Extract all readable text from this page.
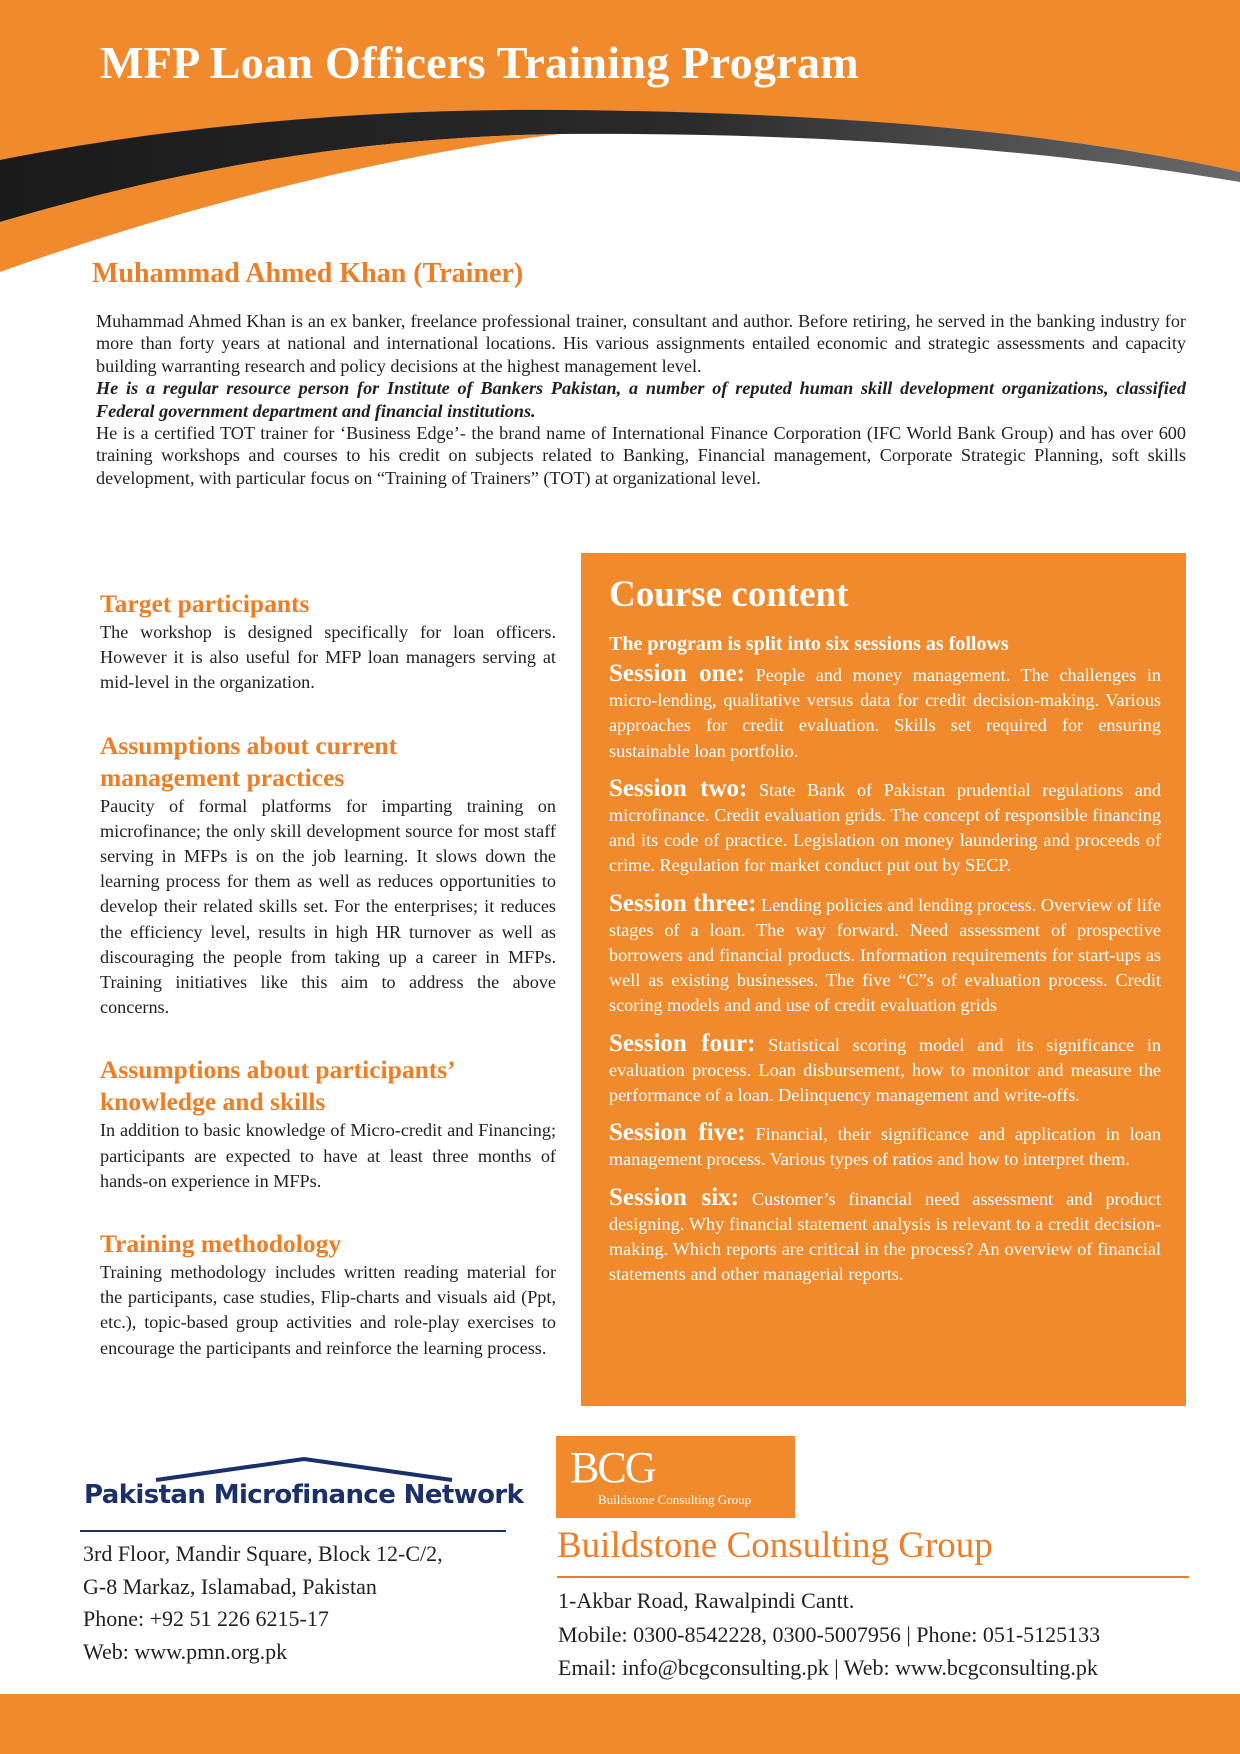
MFP Loan Officers Training Program
Muhammad Ahmed Khan (Trainer)

Muhammad Ahmed Khan is an ex banker, freelance professional trainer, consultant and author. Before retiring, he served in the banking industry for more than forty years at national and international locations. His various assignments entailed economic and strategic assessments and capacity building warranting research and policy decisions at the highest management level.

He is a regular resource person for Institute of Bankers Pakistan, a number of reputed human skill development organizations, classified Federal government department and financial institutions.

He is a certified TOT trainer for ‘Business Edge’- the brand name of International Finance Corporation (IFC World Bank Group) and has over 600 training workshops and courses to his credit on subjects related to Banking, Financial management, Corporate Strategic Planning, soft skills development, with particular focus on “Training of Trainers” (TOT) at organizational level.

Target participants
The workshop is designed specifically for loan officers. However it is also useful for MFP loan managers serving at mid-level in the organization.
Assumptions about current management practices
Paucity of formal platforms for imparting training on microfinance; the only skill development source for most staff serving in MFPs is on the job learning. It slows down the learning process for them as well as reduces opportunities to develop their related skills set. For the enterprises; it reduces the efficiency level, results in high HR turnover as well as discouraging the people from taking up a career in MFPs. Training initiatives like this aim to address the above concerns.
Assumptions about participants’ knowledge and skills
In addition to basic knowledge of Micro-credit and Financing; participants are expected to have at least three months of hands-on experience in MFPs.
Training methodology
Training methodology includes written reading material for the participants, case studies, Flip-charts and visuals aid (Ppt, etc.), topic-based group activities and role-play exercises to encourage the participants and reinforce the learning process.
Course content
The program is split into six sessions as follows
Session one: People and money management. The challenges in micro-lending, qualitative versus data for credit decision-making. Various approaches for credit evaluation. Skills set required for ensuring sustainable loan portfolio.
Session two: State Bank of Pakistan prudential regulations and microfinance. Credit evaluation grids. The concept of responsible financing and its code of practice. Legislation on money laundering and proceeds of crime. Regulation for market conduct put out by SECP.
Session three: Lending policies and lending process. Overview of life stages of a loan. The way forward. Need assessment of prospective borrowers and financial products. Information requirements for start-ups as well as existing businesses. The five “C”s of evaluation process. Credit scoring models and and use of credit evaluation grids
Session four: Statistical scoring model and its significance in evaluation process. Loan disbursement, how to monitor and measure the performance of a loan. Delinquency management and write-offs.
Session five: Financial, their significance and application in loan management process. Various types of ratios and how to interpret them.
Session six: Customer’s financial need assessment and product designing. Why financial statement analysis is relevant to a credit decision-making. Which reports are critical in the process? An overview of financial statements and other managerial reports.
Pakistan Microfinance Network
3rd Floor, Mandir Square, Block 12-C/2,
G-8 Markaz, Islamabad, Pakistan
Phone: +92 51 226 6215-17
Web: www.pmn.org.pk
BCG
Buildstone Consulting Group
Buildstone Consulting Group
1-Akbar Road, Rawalpindi Cantt.
Mobile: 0300-8542228, 0300-5007956 | Phone: 051-5125133
Email: info@bcgconsulting.pk | Web: www.bcgconsulting.pk
